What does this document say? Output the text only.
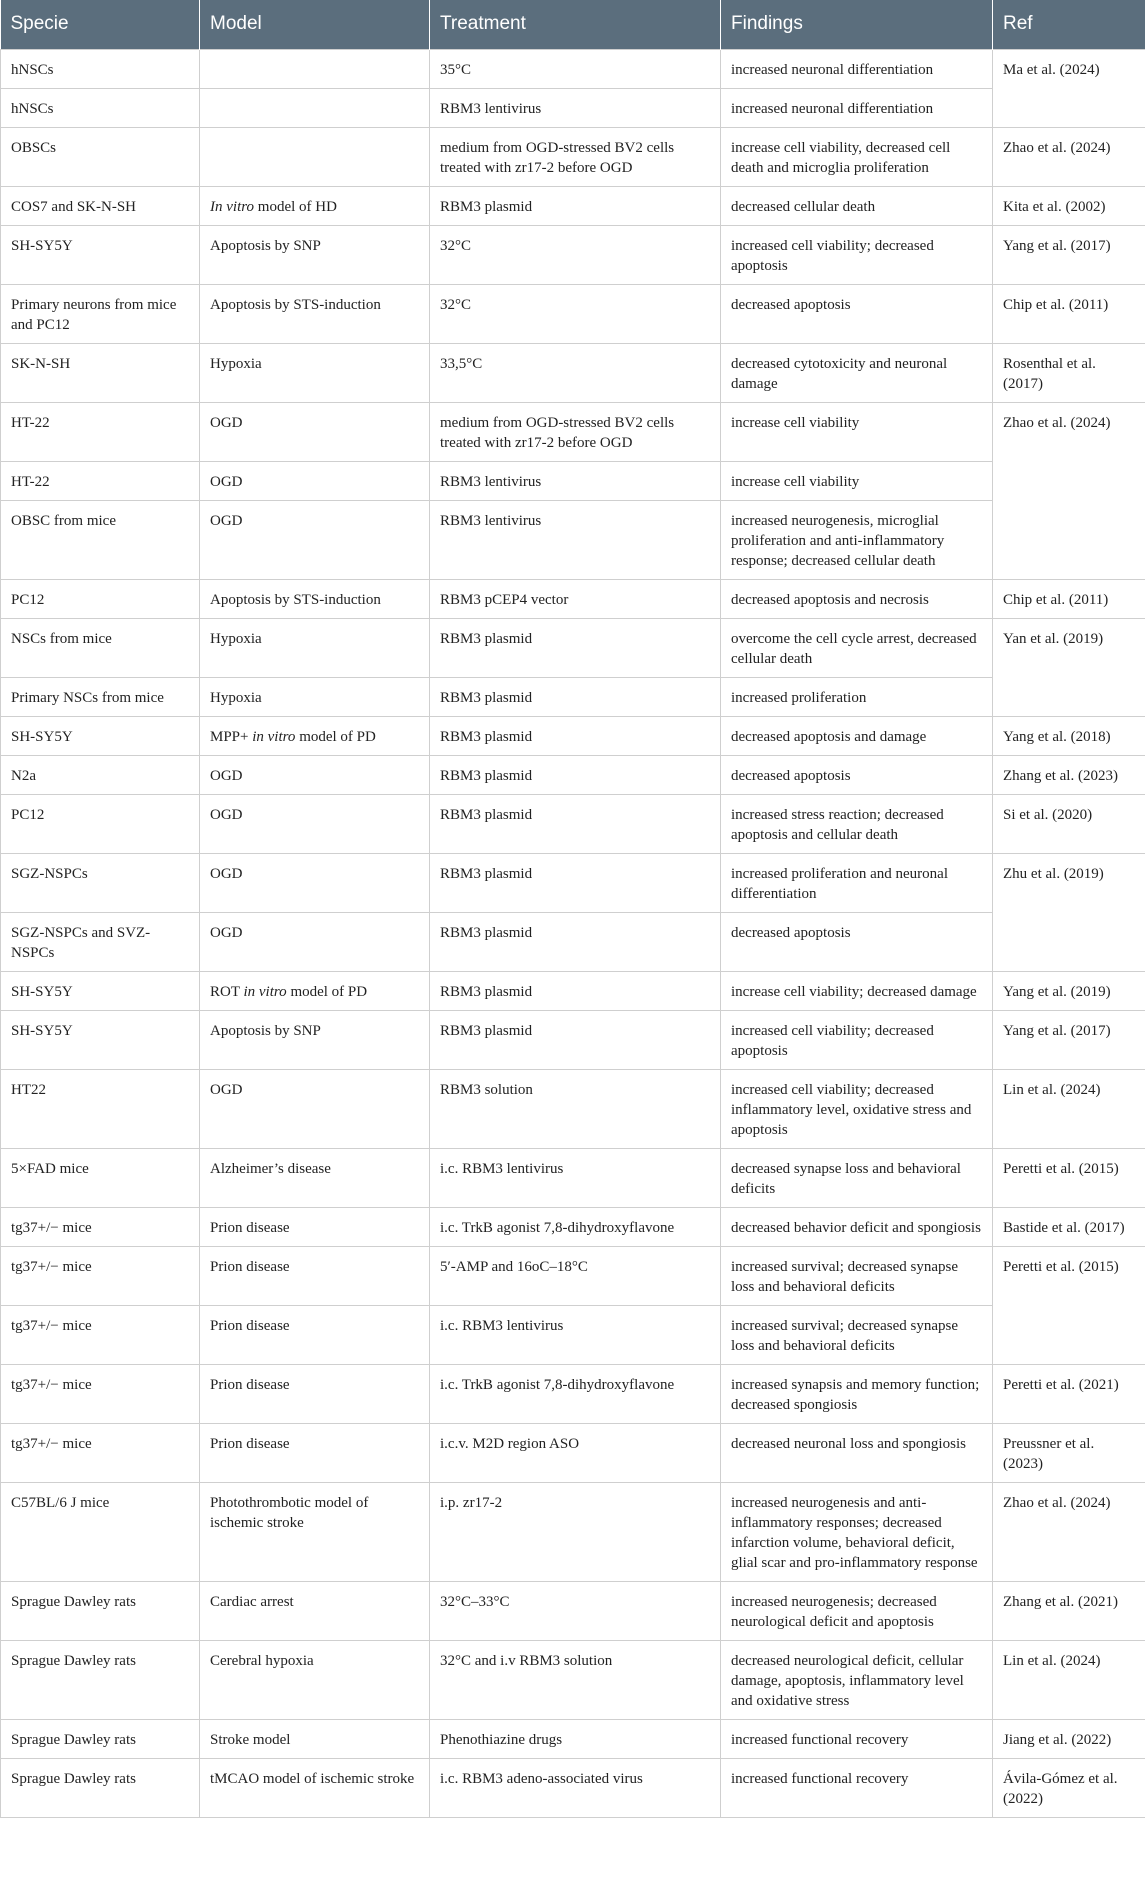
Specie	Model	Treatment	Findings	Ref
hNSCs		35°C	increased neuronal differentiation	Ma et al. (2024)
hNSCs		RBM3 lentivirus	increased neuronal differentiation	
OBSCs		medium from OGD-stressed BV2 cells treated with zr17-2 before OGD	increase cell viability, decreased cell death and microglia proliferation	Zhao et al. (2024)
COS7 and SK-N-SH	In vitro model of HD	RBM3 plasmid	decreased cellular death	Kita et al. (2002)
SH-SY5Y	Apoptosis by SNP	32°C	increased cell viability; decreased apoptosis	Yang et al. (2017)
Primary neurons from mice and PC12	Apoptosis by STS-induction	32°C	decreased apoptosis	Chip et al. (2011)
SK-N-SH	Hypoxia	33,5°C	decreased cytotoxicity and neuronal damage	Rosenthal et al. (2017)
HT-22	OGD	medium from OGD-stressed BV2 cells treated with zr17-2 before OGD	increase cell viability	Zhao et al. (2024)
HT-22	OGD	RBM3 lentivirus	increase cell viability	
OBSC from mice	OGD	RBM3 lentivirus	increased neurogenesis, microglial proliferation and anti-inflammatory response; decreased cellular death	
PC12	Apoptosis by STS-induction	RBM3 pCEP4 vector	decreased apoptosis and necrosis	Chip et al. (2011)
NSCs from mice	Hypoxia	RBM3 plasmid	overcome the cell cycle arrest, decreased cellular death	Yan et al. (2019)
Primary NSCs from mice	Hypoxia	RBM3 plasmid	increased proliferation	
SH-SY5Y	MPP+ in vitro model of PD	RBM3 plasmid	decreased apoptosis and damage	Yang et al. (2018)
N2a	OGD	RBM3 plasmid	decreased apoptosis	Zhang et al. (2023)
PC12	OGD	RBM3 plasmid	increased stress reaction; decreased apoptosis and cellular death	Si et al. (2020)
SGZ-NSPCs	OGD	RBM3 plasmid	increased proliferation and neuronal differentiation	Zhu et al. (2019)
SGZ-NSPCs and SVZ-NSPCs	OGD	RBM3 plasmid	decreased apoptosis	
SH-SY5Y	ROT in vitro model of PD	RBM3 plasmid	increase cell viability; decreased damage	Yang et al. (2019)
SH-SY5Y	Apoptosis by SNP	RBM3 plasmid	increased cell viability; decreased apoptosis	Yang et al. (2017)
HT22	OGD	RBM3 solution	increased cell viability; decreased inflammatory level, oxidative stress and apoptosis	Lin et al. (2024)
5×FAD mice	Alzheimer’s disease	i.c. RBM3 lentivirus	decreased synapse loss and behavioral deficits	Peretti et al. (2015)
tg37+/− mice	Prion disease	i.c. TrkB agonist 7,8-dihydroxyflavone	decreased behavior deficit and spongiosis	Bastide et al. (2017)
tg37+/− mice	Prion disease	5′-AMP and 16oC–18°C	increased survival; decreased synapse loss and behavioral deficits	Peretti et al. (2015)
tg37+/− mice	Prion disease	i.c. RBM3 lentivirus	increased survival; decreased synapse loss and behavioral deficits	
tg37+/− mice	Prion disease	i.c. TrkB agonist 7,8-dihydroxyflavone	increased synapsis and memory function; decreased spongiosis	Peretti et al. (2021)
tg37+/− mice	Prion disease	i.c.v. M2D region ASO	decreased neuronal loss and spongiosis	Preussner et al. (2023)
C57BL/6 J mice	Photothrombotic model of ischemic stroke	i.p. zr17-2	increased neurogenesis and anti-inflammatory responses; decreased infarction volume, behavioral deficit, glial scar and pro-inflammatory response	Zhao et al. (2024)
Sprague Dawley rats	Cardiac arrest	32°C–33°C	increased neurogenesis; decreased neurological deficit and apoptosis	Zhang et al. (2021)
Sprague Dawley rats	Cerebral hypoxia	32°C and i.v RBM3 solution	decreased neurological deficit, cellular damage, apoptosis, inflammatory level and oxidative stress	Lin et al. (2024)
Sprague Dawley rats	Stroke model	Phenothiazine drugs	increased functional recovery	Jiang et al. (2022)
Sprague Dawley rats	tMCAO model of ischemic stroke	i.c. RBM3 adeno-associated virus	increased functional recovery	Ávila-Gómez et al. (2022)
